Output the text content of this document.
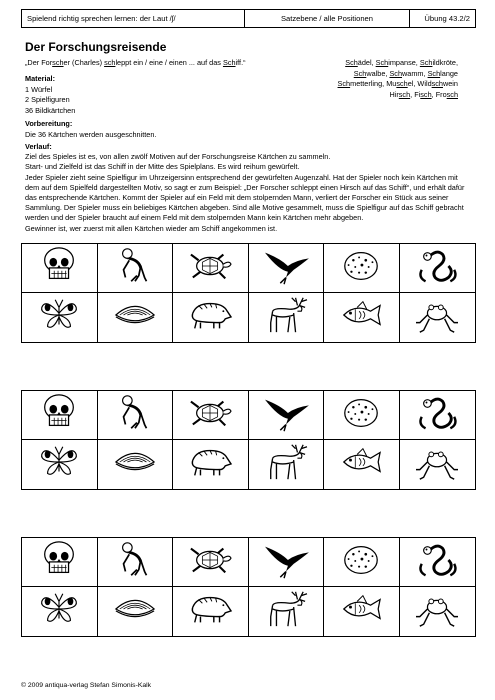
Spielend richtig sprechen lernen: der Laut /ʃ/	Satzebene / alle Positionen	Übung 43.2/2
Der Forschungsreisende
„Der Forscher (Charles) schleppt ein / eine / einen ... auf das Schiff.“	Schädel, Schimpanse, Schildkröte,
Schwalbe, Schwamm, Schlange
Schmetterling, Muschel, Wildschwein
Hirsch, Fisch, Frosch
Material:
1 Würfel
2 Spielfiguren
36 Bildkärtchen
Vorbereitung:
Die 36 Kärtchen werden ausgeschnitten.
Verlauf:
Ziel des Spieles ist es, von allen zwölf Motiven auf der Forschungsreise Kärtchen zu sammeln.
Start- und Zielfeld ist das Schiff in der Mitte des Spielplans. Es wird reihum gewürfelt.
Jeder Spieler zieht seine Spielfigur im Uhrzeigersinn entsprechend der gewürfelten Augenzahl. Hat der Spieler noch kein Kärtchen mit dem auf dem Spielfeld dargestellten Motiv, so sagt er zum Beispiel: „Der Forscher schleppt einen Hirsch auf das Schiff“, und erhält dafür das entsprechende Kärtchen. Kommt der Spieler auf ein Feld mit dem stolpernden Mann, verliert der Forscher ein Stück aus seiner Sammlung. Der Spieler muss ein beliebiges Kärtchen abgeben. Sind alle Motive gesammelt, muss die Spielfigur auf das Schiff gebracht werden und der Spieler braucht auf einem Feld mit dem stolpernden Mann kein Kärtchen mehr abgeben.
Gewinner ist, wer zuerst mit allen Kärtchen wieder am Schiff angekommen ist.
© 2009 antiqua-verlag Stefan Simonis-Kalk
